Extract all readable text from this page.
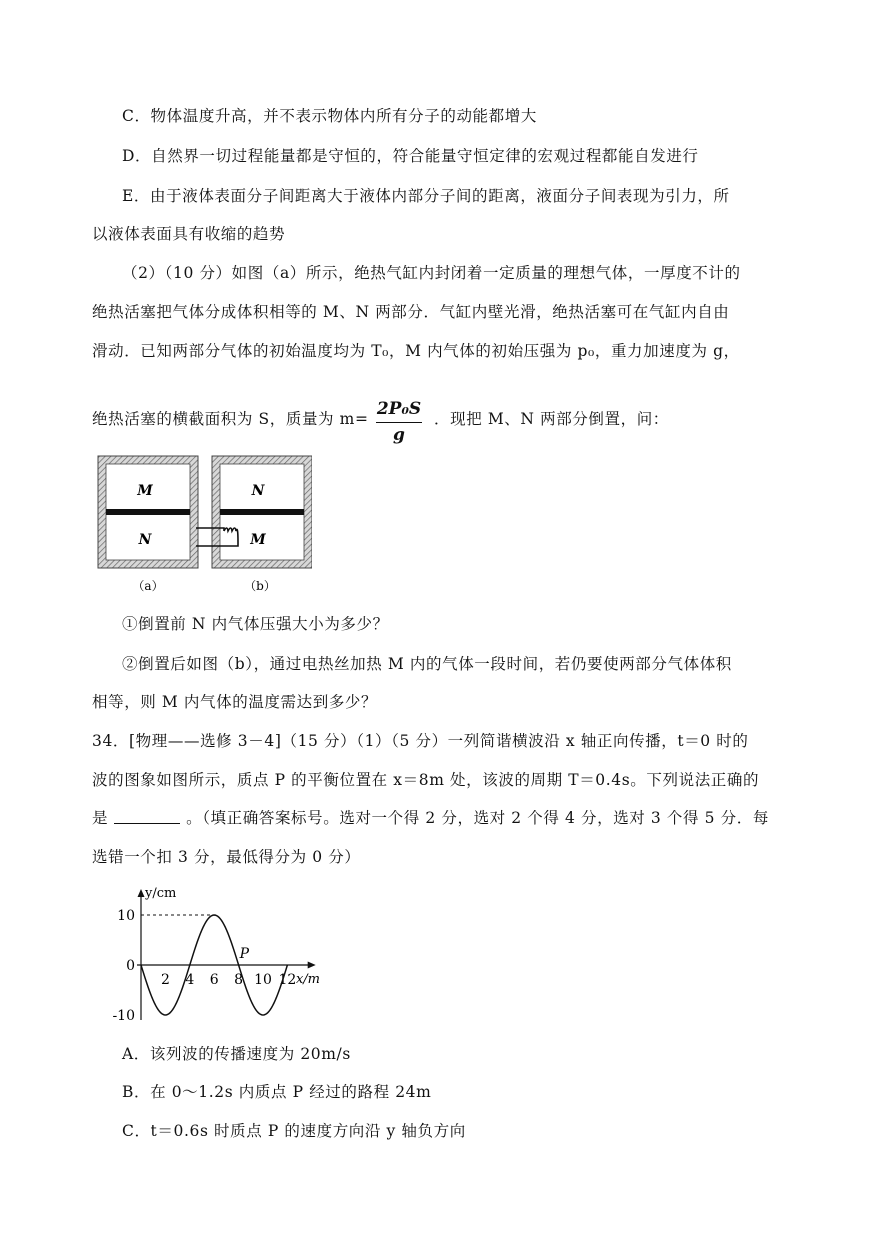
C．物体温度升高，并不表示物体内所有分子的动能都增大
D．自然界一切过程能量都是守恒的，符合能量守恒定律的宏观过程都能自发进行
E．由于液体表面分子间距离大于液体内部分子间的距离，液面分子间表现为引力，所
以液体表面具有收缩的趋势
（2）（10 分）如图（a）所示，绝热气缸内封闭着一定质量的理想气体，一厚度不计的
绝热活塞把气体分成体积相等的 M、N 两部分．气缸内壁光滑，绝热活塞可在气缸内自由
滑动．已知两部分气体的初始温度均为 T₀，M 内气体的初始压强为 p₀，重力加速度为 g，
绝热活塞的横截面积为 S，质量为 $m= \frac{\text{2P₀S}}{g}$ ．现把 M、N 两部分倒置，问：
M
N
N
M
（a）	（b）
①倒置前 N 内气体压强大小为多少？
②倒置后如图（b），通过电热丝加热 M 内的气体一段时间，若仍要使两部分气体体积
相等，则 M 内气体的温度需达到多少？
34．[物理——选修 3－4]（15 分）（1）（5 分）一列简谐横波沿 x 轴正向传播，t＝0 时的
波的图象如图所示，质点 P 的平衡位置在 x＝8m 处，该波的周期 T＝0.4s。下列说法正确的
是	。（填正确答案标号。选对一个得 2 分，选对 2 个得 4 分，选对 3 个得 5 分．每
选错一个扣 3 分，最低得分为 0 分）
y/cm
x/m
10
0
-10
2 4 6 8 10 12
P
A．该列波的传播速度为 20m/s
B．在 0～1.2s 内质点 P 经过的路程 24m
C．t＝0.6s 时质点 P 的速度方向沿 y 轴负方向
